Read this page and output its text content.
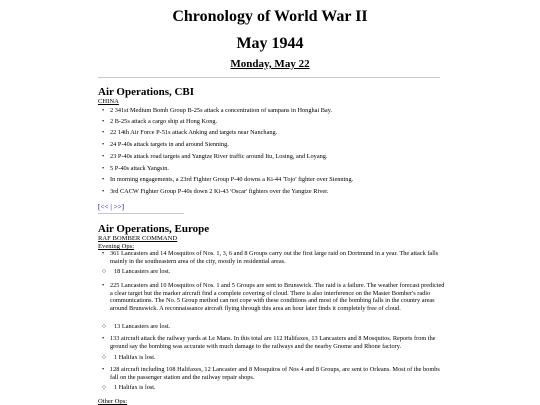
Chronology of World War II
May 1944
Monday, May 22
Air Operations, CBI
CHINA
• 2 341st Medium Bomb Group B-25s attack a concentration of sampans in Honghai Bay.
• 2 B-25s attack a cargo ship at Hong Kong.
• 22 14th Air Force P-51s attack Anking and targets near Nanchang.
• 24 P-40s attack targets in and around Sienning.
• 23 P-40s attack road targets and Yangtze River traffic around Itu, Losing, and Loyang.
• 5 P-40s attack Yangsin.
• In morning engagements, a 23rd Fighter Group P-40 downs a Ki-44 'Tojo' fighter over Sienning.
• 3rd CACW Fighter Group P-40s down 2 Ki-43 'Oscar' fighters over the Yangtze River.
[<< | >>]
Air Operations, Europe
RAF BOMBER COMMAND
Evening Ops:
• 361 Lancasters and 14 Mosquitos of Nos. 1, 3, 6 and 8 Groups carry out the first large raid on Dortmund in a year. The attack falls mainly in the southeastern area of the city, mostly in residential areas.
○ 18 Lancasters are lost.
• 225 Lancasters and 10 Mosquitos of Nos. 1 and 5 Groups are sent to Brunswick. The raid is a failure. The weather forecast predicted a clear target but the marker aircraft find a complete covering of cloud. There is also interference on the Master Bomber's radio communications. The No. 5 Group method can not cope with these conditions and most of the bombing falls in the country areas around Brunswick. A reconnaissance aircraft flying through this area an hour later finds it completely free of cloud.
○ 13 Lancasters are lost.
• 133 aircraft attack the railway yards at Le Mans. In this total are 112 Halifaxes, 13 Lancasters and 8 Mosquitos. Reports from the ground say the bombing was accurate with much damage to the railways and the nearby Gnome and Rhone factory.
○ 1 Halifax is lost.
• 128 aircraft including 108 Halifaxes, 12 Lancaster and 8 Mosquitos of Nos 4 and 8 Groups, are sent to Orleans. Most of the bombs fall on the passenger station and the railway repair shops.
○ 1 Halifax is lost.
Other Ops:
